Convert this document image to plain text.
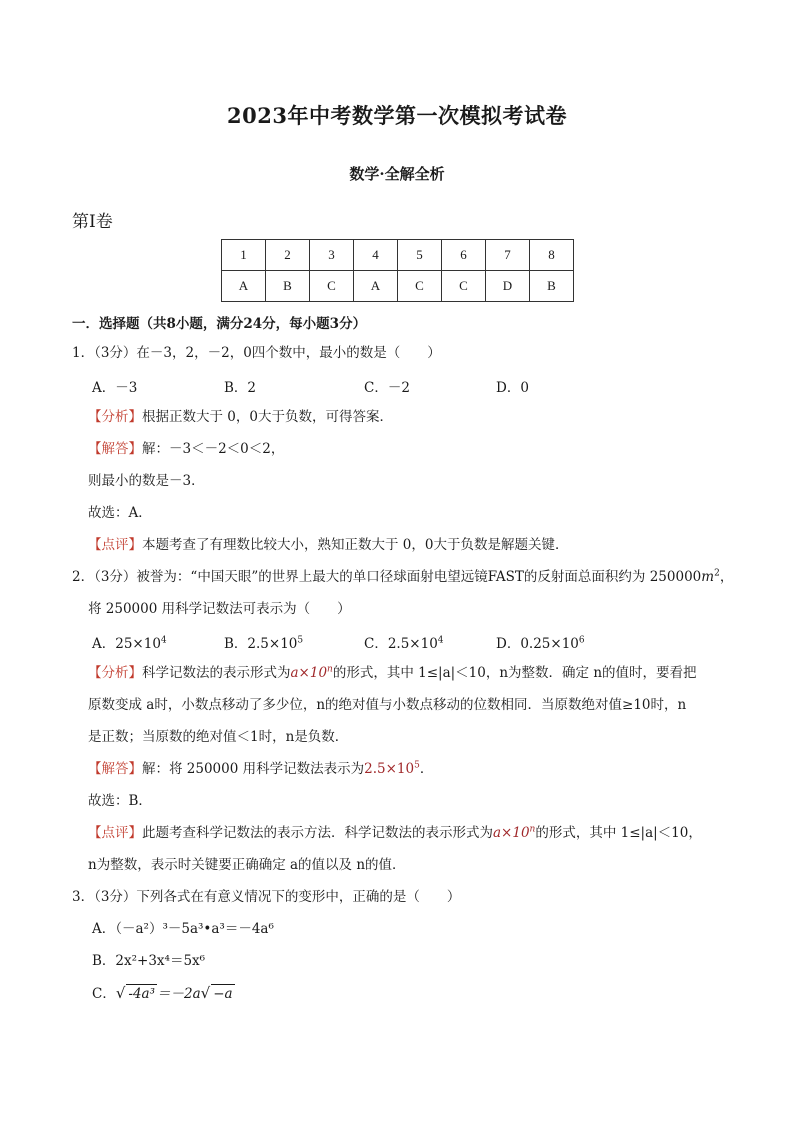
2023年中考数学第一次模拟考试卷
数学·全解全析
第Ⅰ卷
1	2	3	4	5	6	7	8
A	B	C	A	C	C	D	B
一．选择题（共8小题，满分24分，每小题3分）
1．（3分）在－3，2，－2，0四个数中，最小的数是（　　）
A．－3	B．2	C．－2	D．0
【分析】根据正数大于 0，0大于负数，可得答案．
【解答】解：－3＜－2＜0＜2，
则最小的数是－3．
故选：A．
【点评】本题考查了有理数比较大小，熟知正数大于 0，0大于负数是解题关键．
2．（3分）被誉为：“中国天眼”的世界上最大的单口径球面射电望远镜FAST的反射面总面积约为 $250000m^2$，
将 250000 用科学记数法可表示为（　　）
A．$25\times 10^4$	B．$2.5\times 10^5$	C．$2.5\times 10^4$	D．$0.25\times 10^6$
【分析】科学记数法的表示形式为$a\times 10^n$的形式，其中 1≤|a|＜10，n为整数．确定 n的值时，要看把
原数变成 a时，小数点移动了多少位，n的绝对值与小数点移动的位数相同．当原数绝对值≥10时，n
是正数；当原数的绝对值＜1时，n是负数．
【解答】解：将 250000 用科学记数法表示为$2.5\times 10^5$．
故选：B．
【点评】此题考查科学记数法的表示方法．科学记数法的表示形式为$a\times 10^n$的形式，其中 1≤|a|＜10，
n为整数，表示时关键要正确确定 a的值以及 n的值．
3．（3分）下列各式在有意义情况下的变形中，正确的是（　　）
A．（－a²）³－5a³•a³＝－4a⁶
B．2x²+3x⁴＝5x⁶
C．√ -4a³ ＝－2a√ −a
